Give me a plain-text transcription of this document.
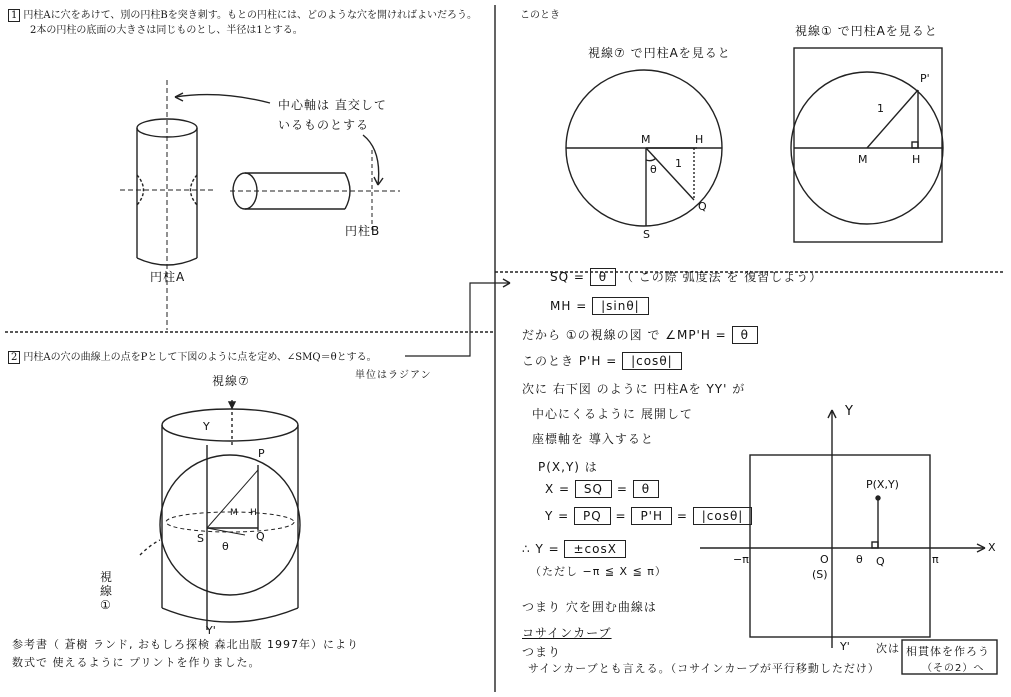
1 円柱Aに穴をあけて、別の円柱Bを突き刺す。もとの円柱には、どのような穴を開ければよいだろう。
2本の円柱の底面の大きさは同じものとし、半径は1とする。
中心軸は 直交して
いるものとする
円柱A
円柱B
2 円柱Aの穴の曲線上の点をPとして下図のように点を定め、∠SMQ＝θとする。
単位はラジアン
視線⑦
Y
P
M H
S	Q
θ
Y'
視線①
参考書（ 蒼樹 ランド, おもしろ探検 森北出版 1997年）により
数式で 使えるように プリントを作りました。
このとき
視線⑦ で円柱Aを見ると
視線① で円柱Aを見ると
M	H
1
θ
Q
S
P'
1
M	H
SQ = θ （ この際 弧度法 を 復習しよう）
MH = |sinθ|
だから ①の視線の図 で ∠MP'H = θ
このとき P'H = |cosθ|
次に 右下図 のように 円柱Aを YY' が
中心にくるように 展開して
座標軸を 導入すると
P(X,Y) は
X = SQ = θ
Y = PQ = P'H = |cosθ|
∴ Y = ±cosX
（ただし −π ≦ X ≦ π）
つまり 穴を囲む曲線は
コサインカーブ
つまり
サインカーブとも言える。（コサインカーブが平行移動しただけ）
Y
X
P(X,Y)
−π	O
(S)
θ Q	π
Y' 次は 相貫体を作ろう
（その2）へ
